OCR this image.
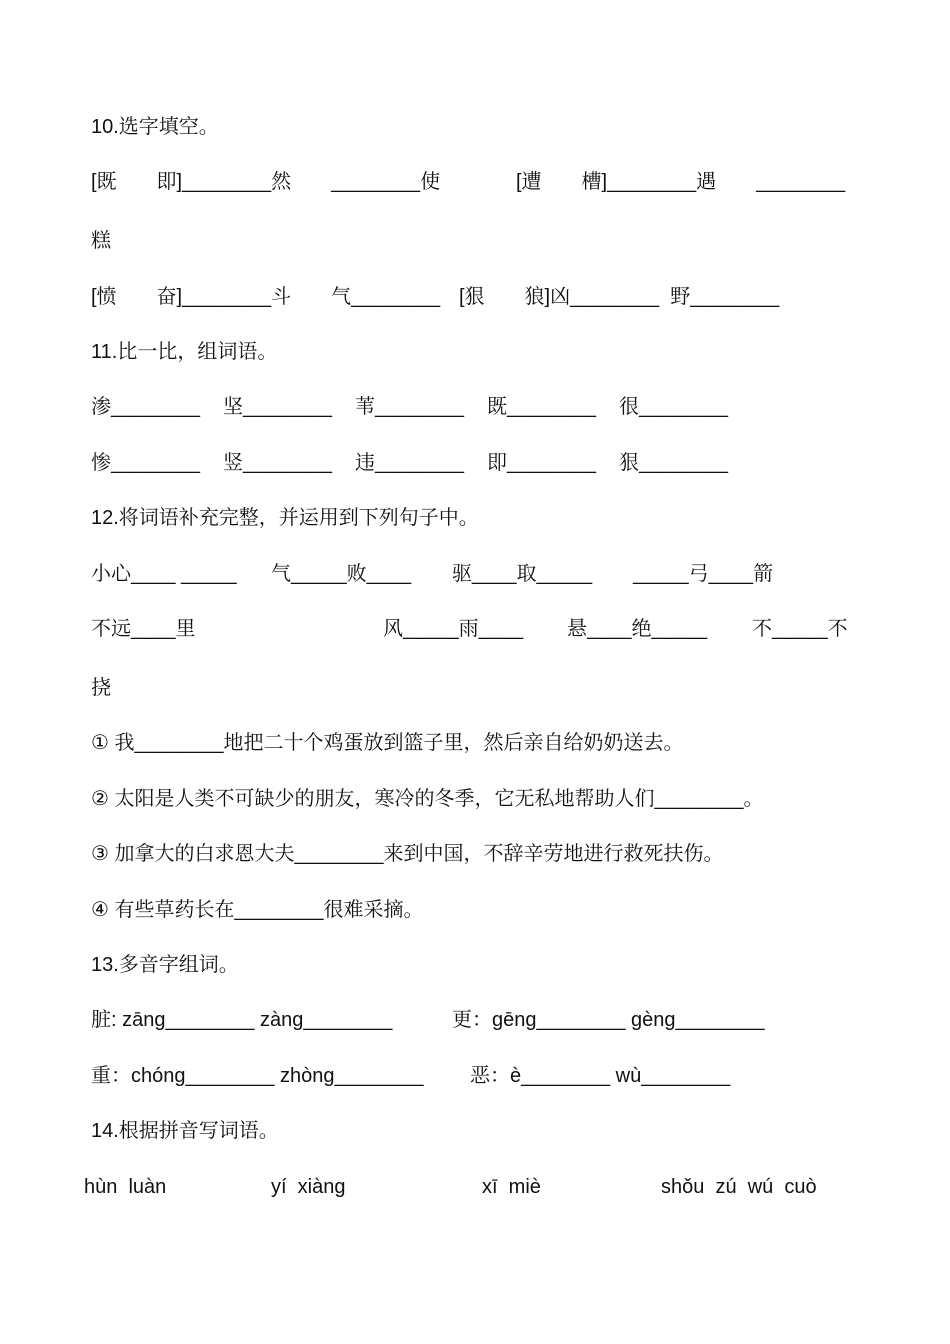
10.选字填空。
[既　　即]________然　　________使	[遭　　槽]________遇　　________
糕
[愤　　奋]________斗　　气________ [狠　　狼]凶________  野________
11.比一比，组词语。
渗________ 坚________ 苇________ 既________ 很________
惨________ 竖________ 违________ 即________ 狠________
12.将词语补充完整，并运用到下列句子中。
小心____ _____ 气_____败____ 驱____取_____ _____弓____箭
不远____里	风_____雨____ 悬____绝_____ 不_____不
挠
① 我________地把二十个鸡蛋放到篮子里，然后亲自给奶奶送去。
② 太阳是人类不可缺少的朋友，寒冷的冬季，它无私地帮助人们________。
③ 加拿大的白求恩大夫________来到中国，不辞辛劳地进行救死扶伤。
④ 有些草药长在________很难采摘。
13.多音字组词。
脏: zāng________ zàng________	更：gēng________ gèng________
重：chóng________ zhòng________ 恶：è________ wù________
14.根据拼音写词语。
hùn  luàn	yí  xiàng	xī  miè	shǒu  zú  wú  cuò
